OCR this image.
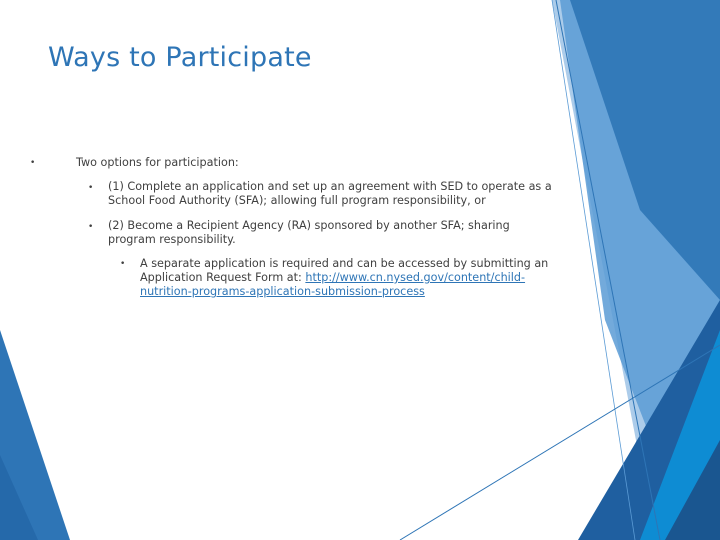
Ways to Participate
•	Two options for participation:
• (1) Complete an application and set up an agreement with SED to operate as a
School Food Authority (SFA); allowing full program responsibility, or
• (2) Become a Recipient Agency (RA) sponsored by another SFA; sharing
program responsibility.
• A separate application is required and can be accessed by submitting an
Application Request Form at: http://www.cn.nysed.gov/content/child-
nutrition-programs-application-submission-process
